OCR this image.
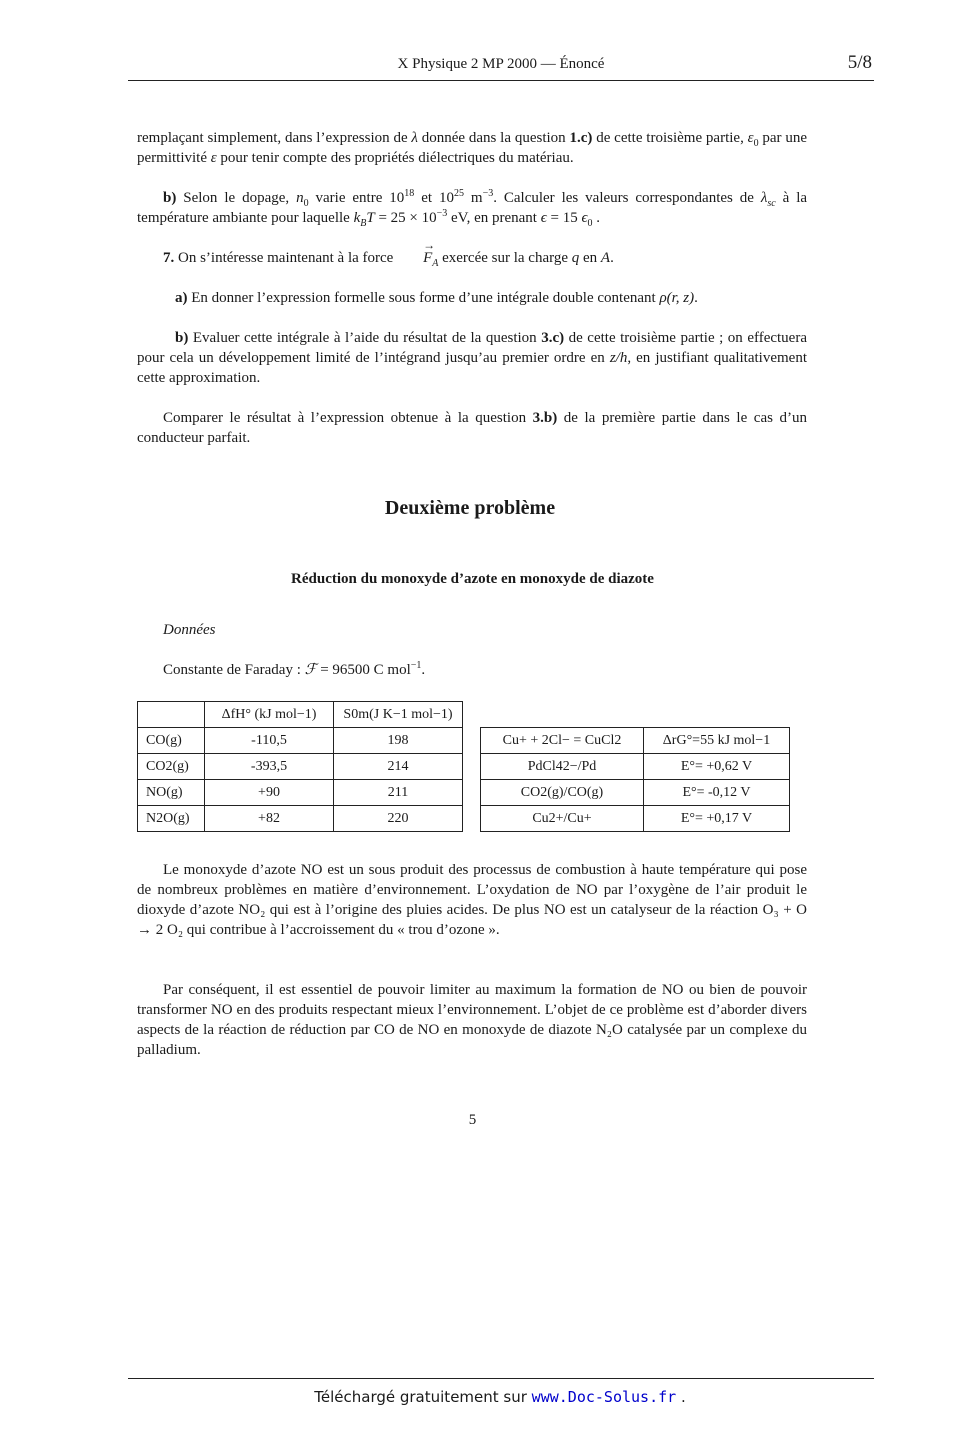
X Physique 2 MP 2000 — Énoncé	5/8
remplaçant simplement, dans l’expression de λ donnée dans la question 1.c) de cette troisième partie, $\varepsilon_0$ par une permittivité ε pour tenir compte des propriétés diélectriques du matériau.
b) Selon le dopage, $n_0$ varie entre $10^{18}$ et $10^{25}$ $m^{-3}$. Calculer les valeurs correspondantes de $\lambda_{sc}$ à la température ambiante pour laquelle $k_BT = 25 \times 10^{-3}$ eV, en prenant ϵ = 15 $\epsilon_0$ .
7. On s’intéresse maintenant à la force
→
$F_A$ exercée sur la charge q en A.
a) En donner l’expression formelle sous forme d’une intégrale double contenant ρ(r, z).
b) Evaluer cette intégrale à l’aide du résultat de la question 3.c) de cette troisième partie ; on effectuera pour cela un développement limité de l’intégrand jusqu’au premier ordre en z/h, en justifiant qualitativement cette approximation.
Comparer le résultat à l’expression obtenue à la question 3.b) de la première partie dans le cas d’un conducteur parfait.
Deuxième problème
Réduction du monoxyde d’azote en monoxyde de diazote
Données
Constante de Faraday : ℱ = 96500 C mol$^{-1}$.
	ΔfH° (kJ mol−1)	S0m(J K−1 mol−1)
CO(g)	-110,5	198
CO2(g)	-393,5	214
NO(g)	+90	211
N2O(g)	+82	220
Cu+ + 2Cl− = CuCl2	ΔrG°=55 kJ mol−1
PdCl42−/Pd	E°= +0,62 V
CO2(g)/CO(g)	E°= -0,12 V
Cu2+/Cu+	E°= +0,17 V
Le monoxyde d’azote NO est un sous produit des processus de combustion à haute température qui pose de nombreux problèmes en matière d’environnement. L’oxydation de NO par l’oxygène de l’air produit le dioxyde d’azote NO₂ qui est à l’origine des pluies acides. De plus NO est un catalyseur de la réaction O₃ + O → 2 O₂ qui contribue à l’accroissement du « trou d’ozone ».
Par conséquent, il est essentiel de pouvoir limiter au maximum la formation de NO ou bien de pouvoir transformer NO en des produits respectant mieux l’environnement. L’objet de ce problème est d’aborder divers aspects de la réaction de réduction par CO de NO en monoxyde de diazote N₂O catalysée par un complexe du palladium.
5
Téléchargé gratuitement sur www.Doc-Solus.fr .
